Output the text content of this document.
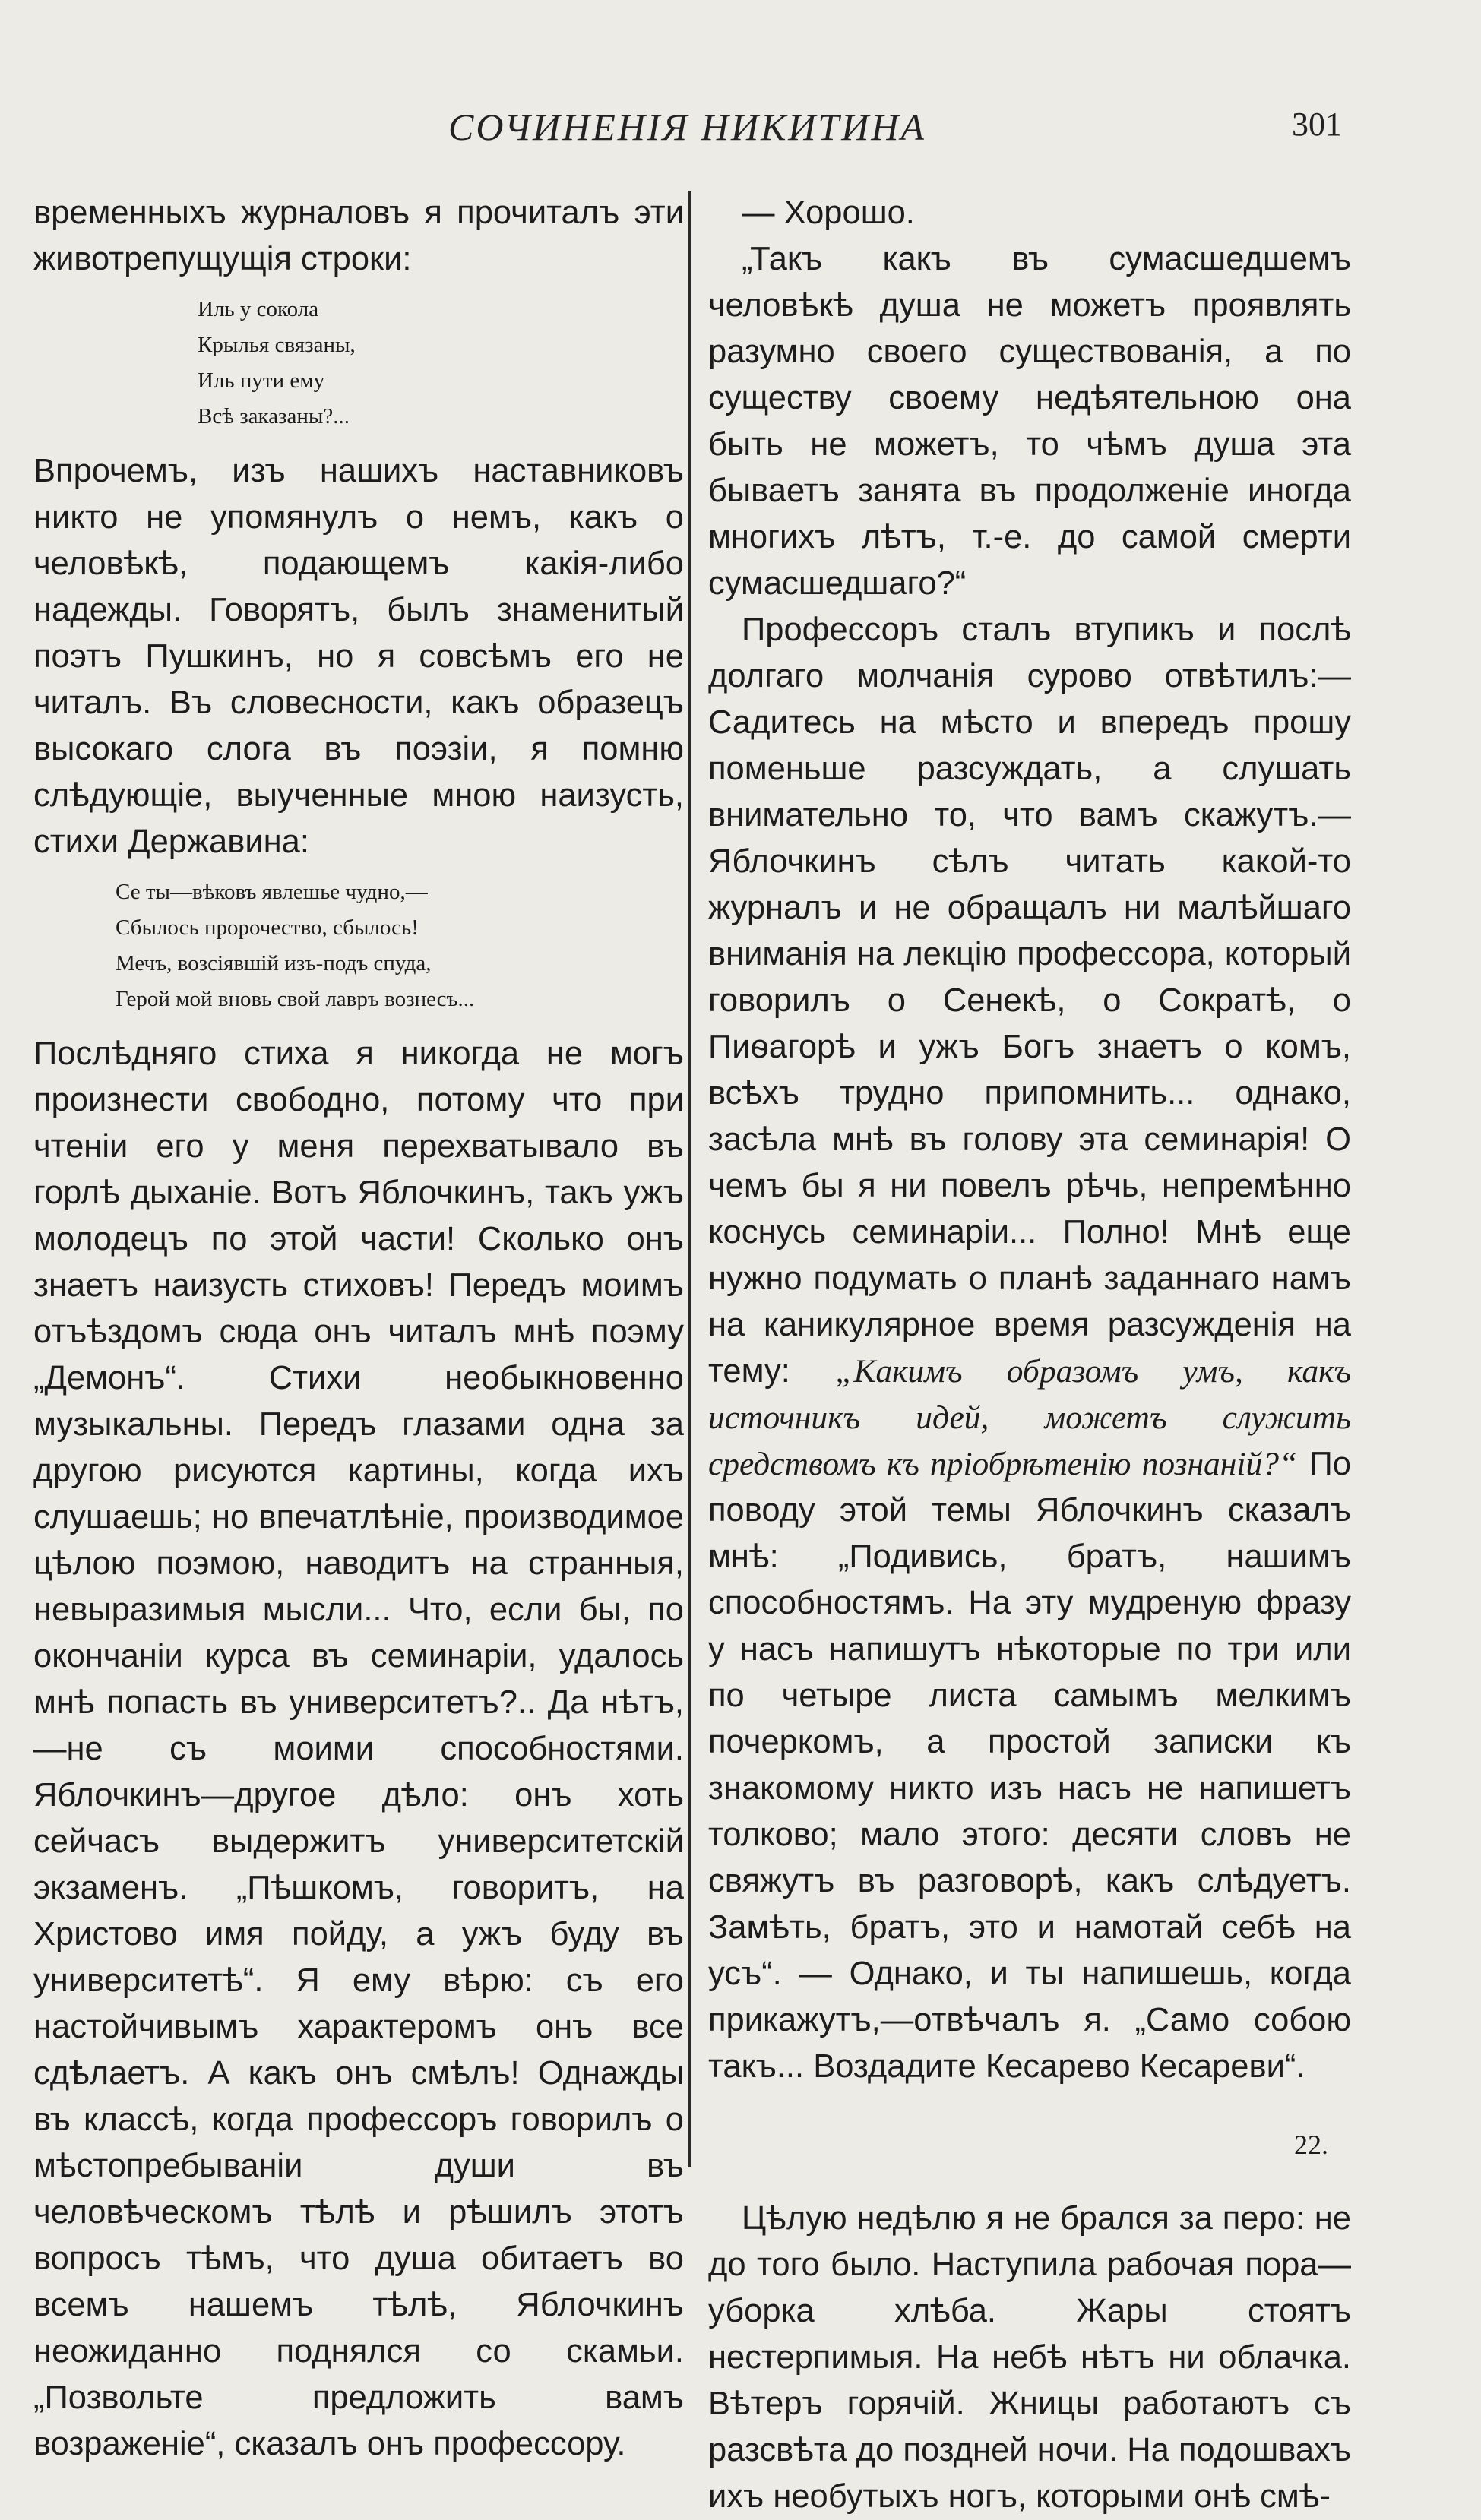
СОЧИНЕНІЯ НИКИТИНА	301

временныхъ журналовъ я прочиталъ эти животрепущущія строки:

Иль у сокола
Крылья связаны,
Иль пути ему
Всѣ заказаны?...

Впрочемъ, изъ нашихъ наставниковъ никто не упомянулъ о немъ, какъ о человѣкѣ, подающемъ какія-либо надежды. Говорятъ, былъ знаменитый поэтъ Пушкинъ, но я совсѣмъ его не читалъ. Въ словесности, какъ образецъ высокаго слога въ поэзіи, я помню слѣдующіе, выученные мною наизусть, стихи Державина:

Се ты—вѣковъ явлешье чудно,—
Сбылось пророчество, сбылось!
Мечъ, возсіявшій изъ-подъ спуда,
Герой мой вновь свой лавръ вознесъ...

Послѣдняго стиха я никогда не могъ произнести свободно, потому что при чтеніи его у меня перехватывало въ горлѣ дыханіе. Вотъ Яблочкинъ, такъ ужъ молодецъ по этой части! Сколько онъ знаетъ наизусть стиховъ! Передъ моимъ отъѣздомъ сюда онъ читалъ мнѣ поэму „Демонъ“. Стихи необыкновенно музыкальны. Передъ глазами одна за другою рисуются картины, когда ихъ слушаешь; но впечатлѣніе, производимое цѣлою поэмою, наводитъ на странныя, невыразимыя мысли... Что, если бы, по окончаніи курса въ семинаріи, удалось мнѣ попасть въ университетъ?.. Да нѣтъ,—не съ моими способностями. Яблочкинъ—другое дѣло: онъ хоть сейчасъ выдержитъ университетскій экзаменъ. „Пѣшкомъ, говоритъ, на Христово имя пойду, а ужъ буду въ университетѣ“. Я ему вѣрю: съ его настойчивымъ характеромъ онъ все сдѣлаетъ. А какъ онъ смѣлъ! Однажды въ классѣ, когда профессоръ говорилъ о мѣстопребываніи души въ человѣческомъ тѣлѣ и рѣшилъ этотъ вопросъ тѣмъ, что душа обитаетъ во всемъ нашемъ тѣлѣ, Яблочкинъ неожиданно поднялся со скамьи. „Позвольте предложить вамъ возраженіе“, сказалъ онъ профессору.

— Хорошо.

„Такъ какъ въ сумасшедшемъ человѣкѣ душа не можетъ проявлять разумно своего существованія, а по существу своему недѣятельною она быть не можетъ, то чѣмъ душа эта бываетъ занята въ продолженіе иногда многихъ лѣтъ, т.-е. до самой смерти сумасшедшаго?“

Профессоръ сталъ втупикъ и послѣ долгаго молчанія сурово отвѣтилъ:—Садитесь на мѣсто и впередъ прошу поменьше разсуждать, а слушать внимательно то, что вамъ скажутъ.—Яблочкинъ сѣлъ читать какой-то журналъ и не обращалъ ни малѣйшаго вниманія на лекцію профессора, который говорилъ о Сенекѣ, о Сократѣ, о Пиѳагорѣ и ужъ Богъ знаетъ о комъ, всѣхъ трудно припомнить... однако, засѣла мнѣ въ голову эта семинарія! О чемъ бы я ни повелъ рѣчь, непремѣнно коснусь семинаріи... Полно! Мнѣ еще нужно подумать о планѣ заданнаго намъ на каникулярное время разсужденія на тему: „Какимъ образомъ умъ, какъ источникъ идей, можетъ служить средствомъ къ пріобрѣтенію познаній?“ По поводу этой темы Яблочкинъ сказалъ мнѣ: „Подивись, братъ, нашимъ способностямъ. На эту мудреную фразу у насъ напишутъ нѣкоторые по три или по четыре листа самымъ мелкимъ почеркомъ, а простой записки къ знакомому никто изъ насъ не напишетъ толково; мало этого: десяти словъ не свяжутъ въ разговорѣ, какъ слѣдуетъ. Замѣть, братъ, это и намотай себѣ на усъ“. — Однако, и ты напишешь, когда прикажутъ,—отвѣчалъ я. „Само собою такъ... Воздадите Кесарево Кесареви“.

22.

Цѣлую недѣлю я не брался за перо: не до того было. Наступила рабочая пора—уборка хлѣба. Жары стоятъ нестерпимыя. На небѣ нѣтъ ни облачка. Вѣтеръ горячій. Жницы работаютъ съ разсвѣта до поздней ночи. На подошвахъ ихъ необутыхъ ногъ, которыми онѣ смѣ-
